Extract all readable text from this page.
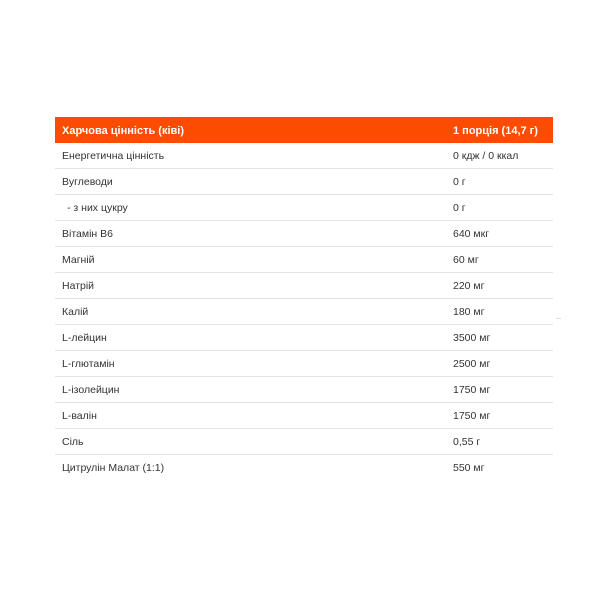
Харчова цінність (ківі)	1 порція (14,7 г)
Енергетична цінність	0 кдж / 0 ккал
Вуглеводи	0 г
- з них цукру	0 г
Вітамін В6	640 мкг
Магній	60 мг
Натрій	220 мг
Калій	180 мг
L-лейцин	3500 мг
L-глютамін	2500 мг
L-ізолейцин	1750 мг
L-валін	1750 мг
Сіль	0,55 г
Цитрулін Малат (1:1)	550 мг
